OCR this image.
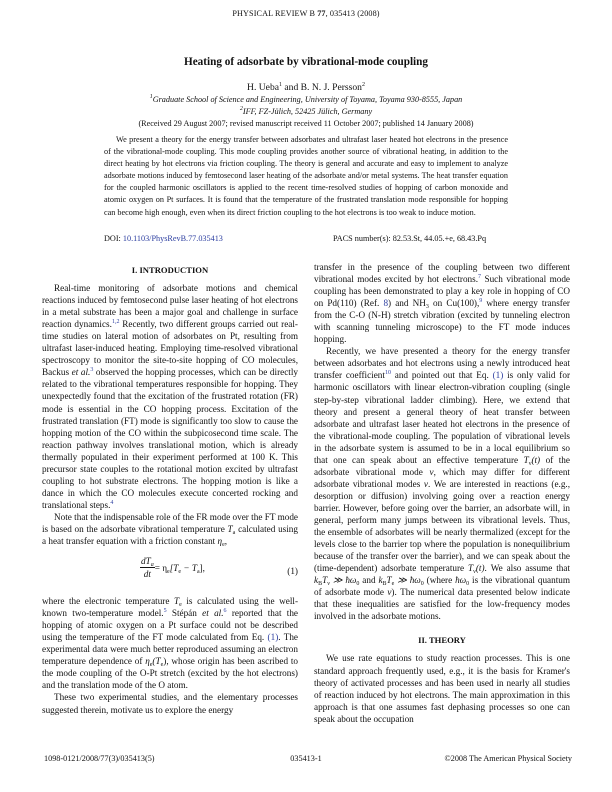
PHYSICAL REVIEW B 77, 035413 (2008)
Heating of adsorbate by vibrational-mode coupling
H. Ueba$^1$ and B. N. J. Persson$^2$
$^1$Graduate School of Science and Engineering, University of Toyama, Toyama 930-8555, Japan
$^2$IFF, FZ-Jülich, 52425 Jülich, Germany
(Received 29 August 2007; revised manuscript received 11 October 2007; published 14 January 2008)
We present a theory for the energy transfer between adsorbates and ultrafast laser heated hot electrons in the presence of the vibrational-mode coupling. This mode coupling provides another source of vibrational heating, in addition to the direct heating by hot electrons via friction coupling. The theory is general and accurate and easy to implement to analyze adsorbate motions induced by femtosecond laser heating of the adsorbate and/or metal systems. The heat transfer equation for the coupled harmonic oscillators is applied to the recent time-resolved studies of hopping of carbon monoxide and atomic oxygen on Pt surfaces. It is found that the temperature of the frustrated translation mode responsible for hopping can become high enough, even when its direct friction coupling to the hot electrons is too weak to induce motion.
DOI: 10.1103/PhysRevB.77.035413	PACS number(s): 82.53.St, 44.05.+e, 68.43.Pq
I. INTRODUCTION

Real-time monitoring of adsorbate motions and chemical reactions induced by femtosecond pulse laser heating of hot electrons in a metal substrate has been a major goal and challenge in surface reaction dynamics.$^{1,2}$ Recently, two different groups carried out real-time studies on lateral motion of adsorbates on Pt, resulting from ultrafast laser-induced heating. Employing time-resolved vibrational spectroscopy to monitor the site-to-site hopping of CO molecules, Backus et al.$^3$ observed the hopping processes, which can be directly related to the vibrational temperatures responsible for hopping. They unexpectedly found that the excitation of the frustrated rotation (FR) mode is essential in the CO hopping process. Excitation of the frustrated translation (FT) mode is significantly too slow to cause the hopping motion of the CO within the subpicosecond time scale. The reaction pathway involves translational motion, which is already thermally populated in their experiment performed at 100 K. This precursor state couples to the rotational motion excited by ultrafast coupling to hot substrate electrons. The hopping motion is like a dance in which the CO molecules execute concerted rocking and translational steps.$^4$

Note that the indispensable role of the FR mode over the FT mode is based on the adsorbate vibrational temperature $T_a$ calculated using a heat transfer equation with a friction constant $\eta_e$,

$\frac{dT_a}{dt} = \eta_e[T_e - T_a]$,	(1)

where the electronic temperature $T_e$ is calculated using the well-known two-temperature model.$^5$ Stépán et al.$^6$ reported that the hopping of atomic oxygen on a Pt surface could not be described using the temperature of the FT mode calculated from Eq. (1). The experimental data were much better reproduced assuming an electron temperature dependence of $\eta_e(T_e)$, whose origin has been ascribed to the mode coupling of the O-Pt stretch (excited by the hot electrons) and the translation mode of the O atom.

These two experimental studies, and the elementary processes suggested therein, motivate us to explore the energy

transfer in the presence of the coupling between two different vibrational modes excited by hot electrons.$^7$ Such vibrational mode coupling has been demonstrated to play a key role in hopping of CO on Pd(110) (Ref. 8) and $NH_3$ on Cu(100),$^9$ where energy transfer from the C-O (N-H) stretch vibration (excited by tunneling electron with scanning tunneling microscope) to the FT mode induces hopping.

Recently, we have presented a theory for the energy transfer between adsorbates and hot electrons using a newly introduced heat transfer coefficient$^{10}$ and pointed out that Eq. (1) is only valid for harmonic oscillators with linear electron-vibration coupling (single step-by-step vibrational ladder climbing). Here, we extend that theory and present a general theory of heat transfer between adsorbate and ultrafast laser heated hot electrons in the presence of the vibrational-mode coupling. The population of vibrational levels in the adsorbate system is assumed to be in a local equilibrium so that one can speak about an effective temperature $T_\nu(t)$ of the adsorbate vibrational mode ν, which may differ for different adsorbate vibrational modes ν. We are interested in reactions (e.g., desorption or diffusion) involving going over a reaction energy barrier. However, before going over the barrier, an adsorbate will, in general, perform many jumps between its vibrational levels. Thus, the ensemble of adsorbates will be nearly thermalized (except for the levels close to the barrier top where the population is nonequilibrium because of the transfer over the barrier), and we can speak about the (time-dependent) adsorbate temperature $T_\nu(t)$. We also assume that $k_BT_\nu$ ≫ $ħ\omega_0$ and $k_BT_e$ ≫ $ħ\omega_0$ (where $ħ\omega_0$ is the vibrational quantum of adsorbate mode ν). The numerical data presented below indicate that these inequalities are satisfied for the low-frequency modes involved in the adsorbate motions.

II. THEORY

We use rate equations to study reaction processes. This is one standard approach frequently used, e.g., it is the basis for Kramer's theory of activated processes and has been used in nearly all studies of reaction induced by hot electrons. The main approximation in this approach is that one assumes fast dephasing processes so one can speak about the occupation

1098-0121/2008/77(3)/035413(5)	035413-1	©2008 The American Physical Society
